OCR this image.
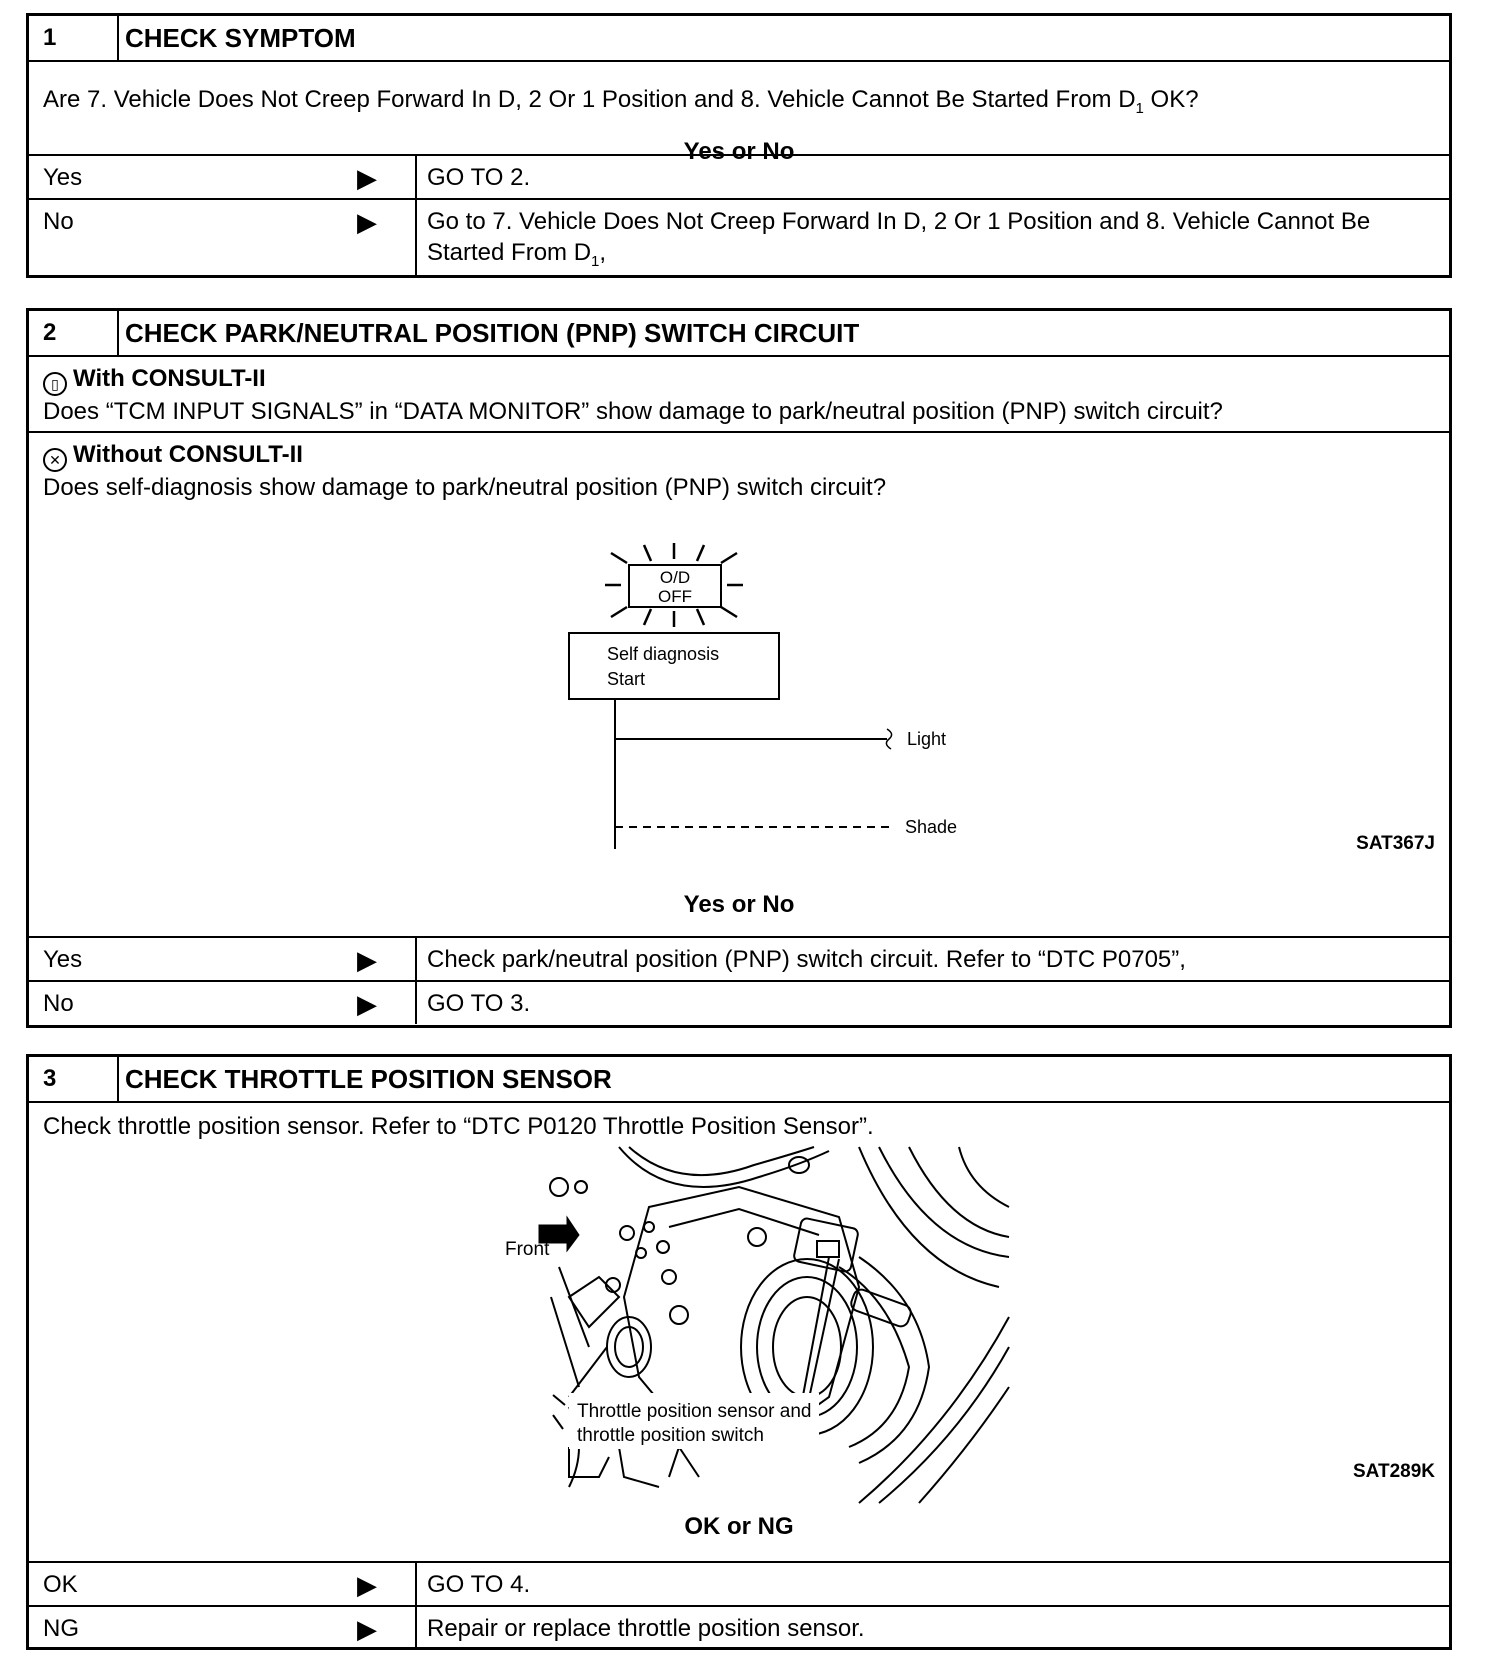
1	CHECK SYMPTOM
Are 7. Vehicle Does Not Creep Forward In D, 2 Or 1 Position and 8. Vehicle Cannot Be Started From $D_1$ OK?
Yes or No
Yes	▶ GO TO 2.
No	▶ Go to 7. Vehicle Does Not Creep Forward In D, 2 Or 1 Position and 8. Vehicle Cannot Be Started From $D_1$,
2	CHECK PARK/NEUTRAL POSITION (PNP) SWITCH CIRCUIT
▯ With CONSULT-II
Does “TCM INPUT SIGNALS” in “DATA MONITOR” show damage to park/neutral position (PNP) switch circuit?
✕ Without CONSULT-II
Does self-diagnosis show damage to park/neutral position (PNP) switch circuit?
O/D
OFF
Self diagnosis
Start
Light
Shade
SAT367J
Yes or No
Yes	▶ Check park/neutral position (PNP) switch circuit. Refer to “DTC P0705”,
No	▶ GO TO 3.
3	CHECK THROTTLE POSITION SENSOR
Check throttle position sensor. Refer to “DTC P0120 Throttle Position Sensor”.
Front
Throttle position sensor and
throttle position switch
SAT289K
OK or NG
OK	▶ GO TO 4.
NG	▶ Repair or replace throttle position sensor.
